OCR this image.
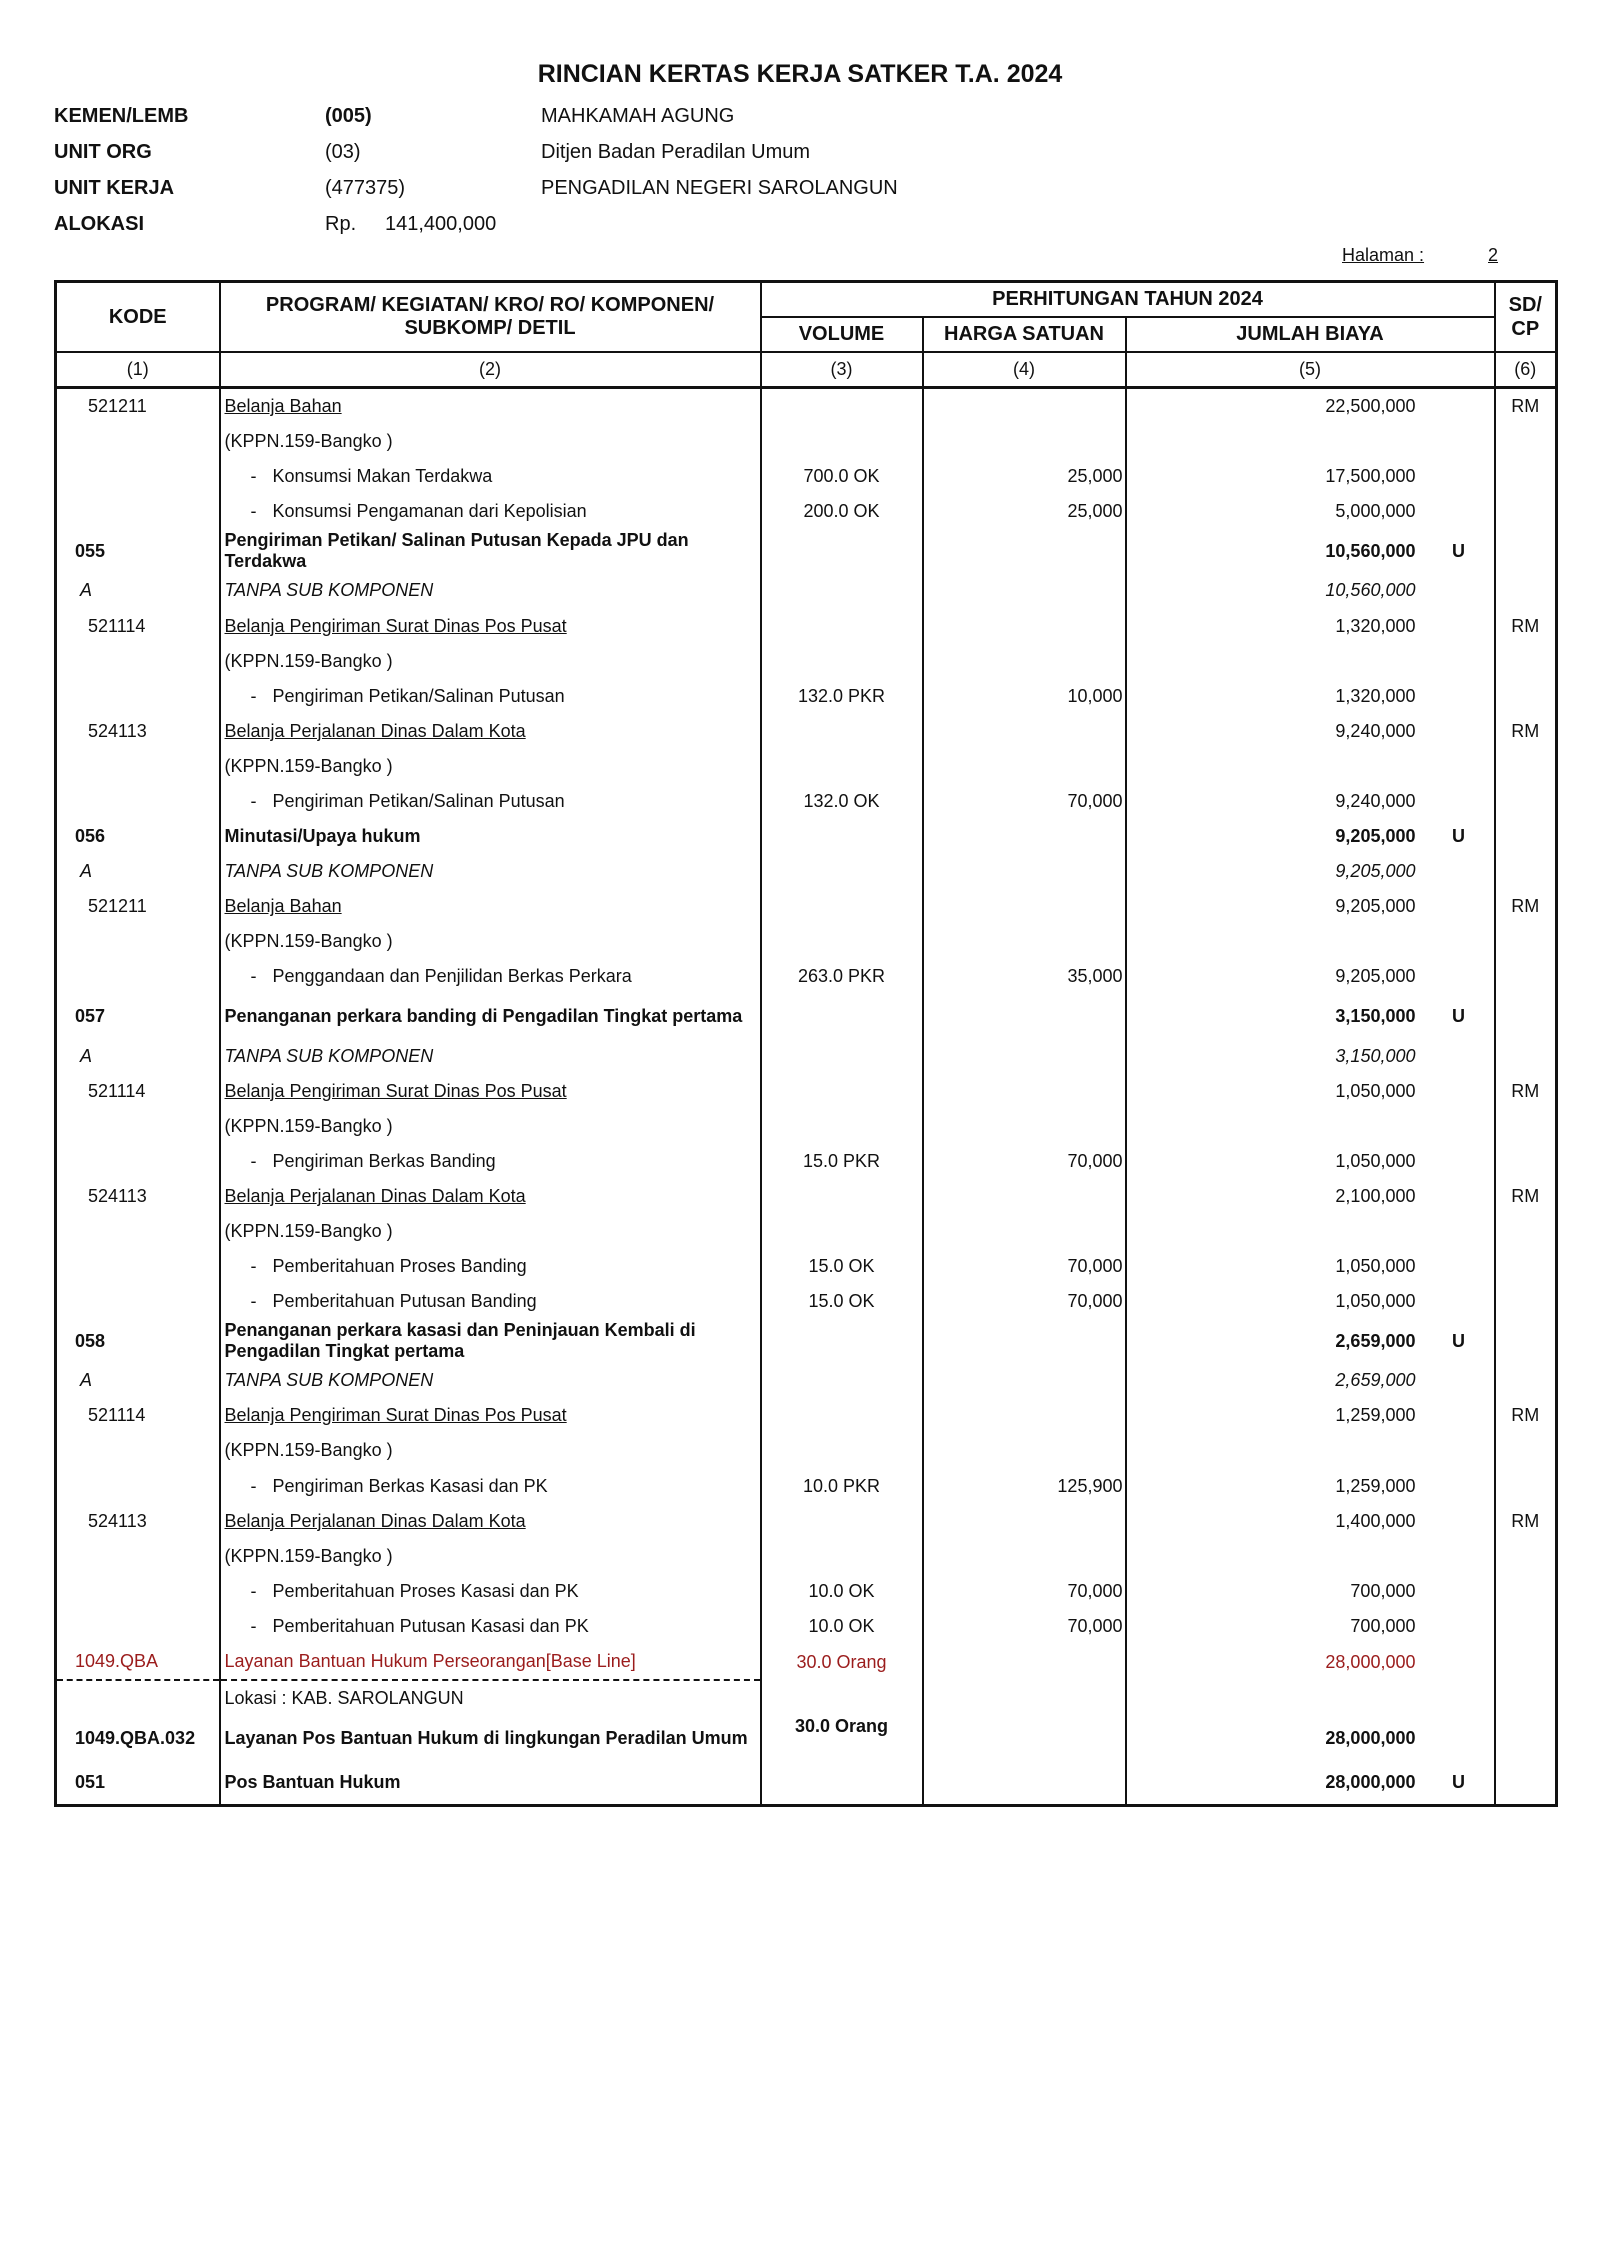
RINCIAN KERTAS KERJA SATKER T.A. 2024
KEMEN/LEMB	(005)	MAHKAMAH AGUNG
UNIT ORG	(03)	Ditjen Badan Peradilan Umum
UNIT KERJA	(477375)	PENGADILAN NEGERI SAROLANGUN
ALOKASI	Rp. 141,400,000
Halaman :	2
KODE	PROGRAM/ KEGIATAN/ KRO/ RO/ KOMPONEN/ SUBKOMP/ DETIL	PERHITUNGAN TAHUN 2024				SD/ CP

		VOLUME	HARGA SATUAN	JUMLAH BIAYA		
(1)	(2)	(3)	(4)	(5)		(6)
521211	Belanja Bahan			22,500,000		RM
	(KPPN.159-Bangko )					
	- Konsumsi Makan Terdakwa	700.0 OK	25,000	17,500,000		
	- Konsumsi Pengamanan dari Kepolisian	200.0 OK	25,000	5,000,000		
055	Pengiriman Petikan/ Salinan Putusan Kepada JPU dan Terdakwa			10,560,000	U	
A	TANPA SUB KOMPONEN			10,560,000		
521114	Belanja Pengiriman Surat Dinas Pos Pusat			1,320,000		RM
	(KPPN.159-Bangko )					
	- Pengiriman Petikan/Salinan Putusan	132.0 PKR	10,000	1,320,000		
524113	Belanja Perjalanan Dinas Dalam Kota			9,240,000		RM
	(KPPN.159-Bangko )					
	- Pengiriman Petikan/Salinan Putusan	132.0 OK	70,000	9,240,000		
056	Minutasi/Upaya hukum			9,205,000	U	
A	TANPA SUB KOMPONEN			9,205,000		
521211	Belanja Bahan			9,205,000		RM
	(KPPN.159-Bangko )					
	- Penggandaan dan Penjilidan Berkas Perkara	263.0 PKR	35,000	9,205,000		
057	Penanganan perkara banding di Pengadilan Tingkat pertama			3,150,000	U	
A	TANPA SUB KOMPONEN			3,150,000		
521114	Belanja Pengiriman Surat Dinas Pos Pusat			1,050,000		RM
	(KPPN.159-Bangko )					
	- Pengiriman Berkas Banding	15.0 PKR	70,000	1,050,000		
524113	Belanja Perjalanan Dinas Dalam Kota			2,100,000		RM
	(KPPN.159-Bangko )					
	- Pemberitahuan Proses Banding	15.0 OK	70,000	1,050,000		
	- Pemberitahuan Putusan Banding	15.0 OK	70,000	1,050,000		
058	Penanganan perkara kasasi dan Peninjauan Kembali di Pengadilan Tingkat pertama			2,659,000	U	
A	TANPA SUB KOMPONEN			2,659,000		
521114	Belanja Pengiriman Surat Dinas Pos Pusat			1,259,000		RM
	(KPPN.159-Bangko )					
	- Pengiriman Berkas Kasasi dan PK	10.0 PKR	125,900	1,259,000		
524113	Belanja Perjalanan Dinas Dalam Kota			1,400,000		RM
	(KPPN.159-Bangko )					
	- Pemberitahuan Proses Kasasi dan PK	10.0 OK	70,000	700,000		
	- Pemberitahuan Putusan Kasasi dan PK	10.0 OK	70,000	700,000		
1049.QBA	Layanan Bantuan Hukum Perseorangan[Base Line]	30.0 Orang		28,000,000		
	Lokasi : KAB. SAROLANGUN					
1049.QBA.032	Layanan Pos Bantuan Hukum di lingkungan Peradilan Umum	30.0 Orang		28,000,000		
051	Pos Bantuan Hukum			28,000,000	U	
